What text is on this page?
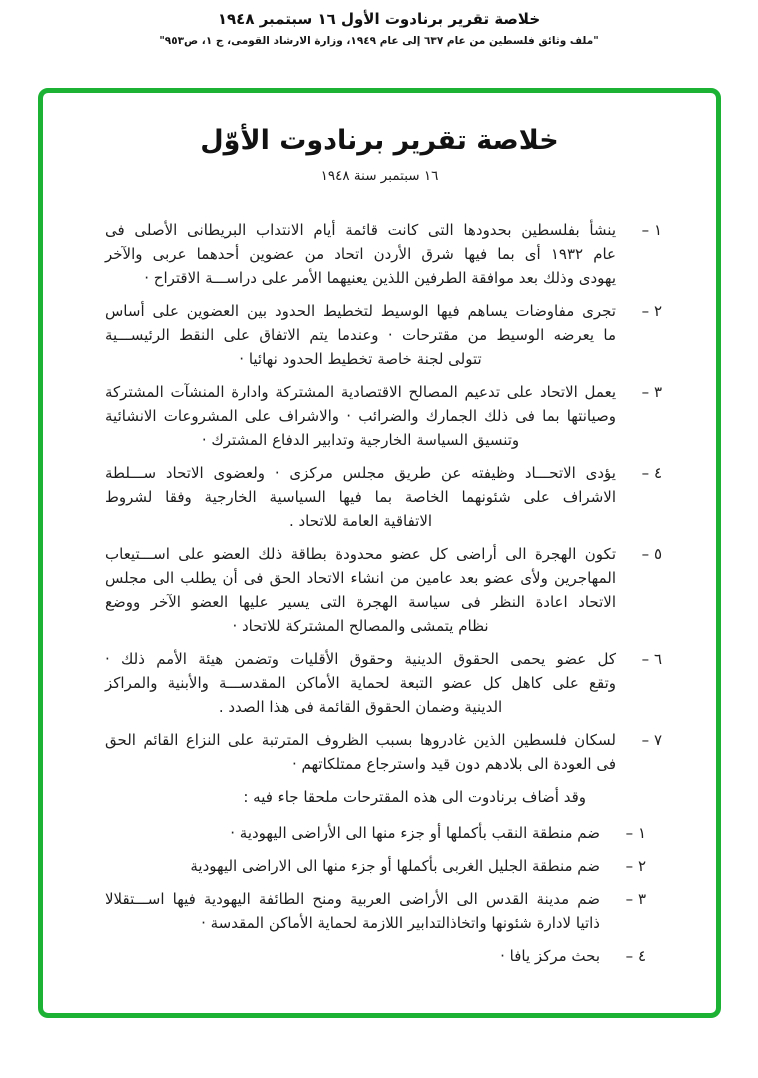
خلاصة تقرير برنادوت الأول ١٦ سبتمبر ١٩٤٨
"ملف وثائق فلسطين من عام ٦٣٧ إلى عام ١٩٤٩، وزارة الارشاد القومى، ج ١، ص٩٥٣"
خلاصة تقرير برنادوت الأوّل
١٦ سبتمبر سنة ١٩٤٨
١ –
ينشأ بفلسطين بحدودها التى كانت قائمة أيام الانتداب البريطانى الأصلى فى
عام ١٩٣٢ أى بما فيها شرق الأردن اتحاد من عضوين أحدهما عربى والآخر
يهودى وذلك بعد موافقة الطرفين اللذين يعنيهما الأمر على دراســـة الاقتراح ·
٢ –
تجرى مفاوضات يساهم فيها الوسيط لتخطيط الحدود بين العضوين على أساس
ما يعرضه الوسيط من مقترحات · وعندما يتم الاتفاق على النقط الرئيســـية
تتولى لجنة خاصة تخطيط الحدود نهائيا ·
٣ –
يعمل الاتحاد على تدعيم المصالح الاقتصادية المشتركة وادارة المنشآت المشتركة
وصيانتها بما فى ذلك الجمارك والضرائب · والاشراف على المشروعات الانشائية
وتنسيق السياسة الخارجية وتدابير الدفاع المشترك ·
٤ –
يؤدى الاتحـــاد وظيفته عن طريق مجلس مركزى · ولعضوى الاتحاد ســـلطة
الاشراف على شئونهما الخاصة بما فيها السياسية الخارجية وفقا لشروط
الاتفاقية العامة للاتحاد .
٥ –
تكون الهجرة الى أراضى كل عضو محدودة بطاقة ذلك العضو على اســـتيعاب
المهاجرين ولأى عضو بعد عامين من انشاء الاتحاد الحق فى أن يطلب الى مجلس
الاتحاد اعادة النظر فى سياسة الهجرة التى يسير عليها العضو الآخر ووضع
نظام يتمشى والمصالح المشتركة للاتحاد ·
٦ –
كل عضو يحمى الحقوق الدينية وحقوق الأقليات وتضمن هيئة الأمم ذلك ·
وتقع على كاهل كل عضو التبعة لحماية الأماكن المقدســـة والأبنية والمراكز
الدينية وضمان الحقوق القائمة فى هذا الصدد .
٧ –
لسكان فلسطين الذين غادروها بسبب الظروف المترتبة على النزاع القائم الحق
فى العودة الى بلادهم دون قيد واسترجاع ممتلكاتهم ·
وقد أضاف برنادوت الى هذه المقترحات ملحقا جاء فيه :
١ –
ضم منطقة النقب بأكملها أو جزء منها الى الأراضى اليهودية ·
٢ –
ضم منطقة الجليل الغربى بأكملها أو جزء منها الى الاراضى اليهودية
٣ –
ضم مدينة القدس الى الأراضى العربية ومنح الطائفة اليهودية فيها اســـتقلالا
ذاتيا لادارة شئونها واتخاذالتدابير اللازمة لحماية الأماكن المقدسة ·
٤ –
بحث مركز يافا ·
